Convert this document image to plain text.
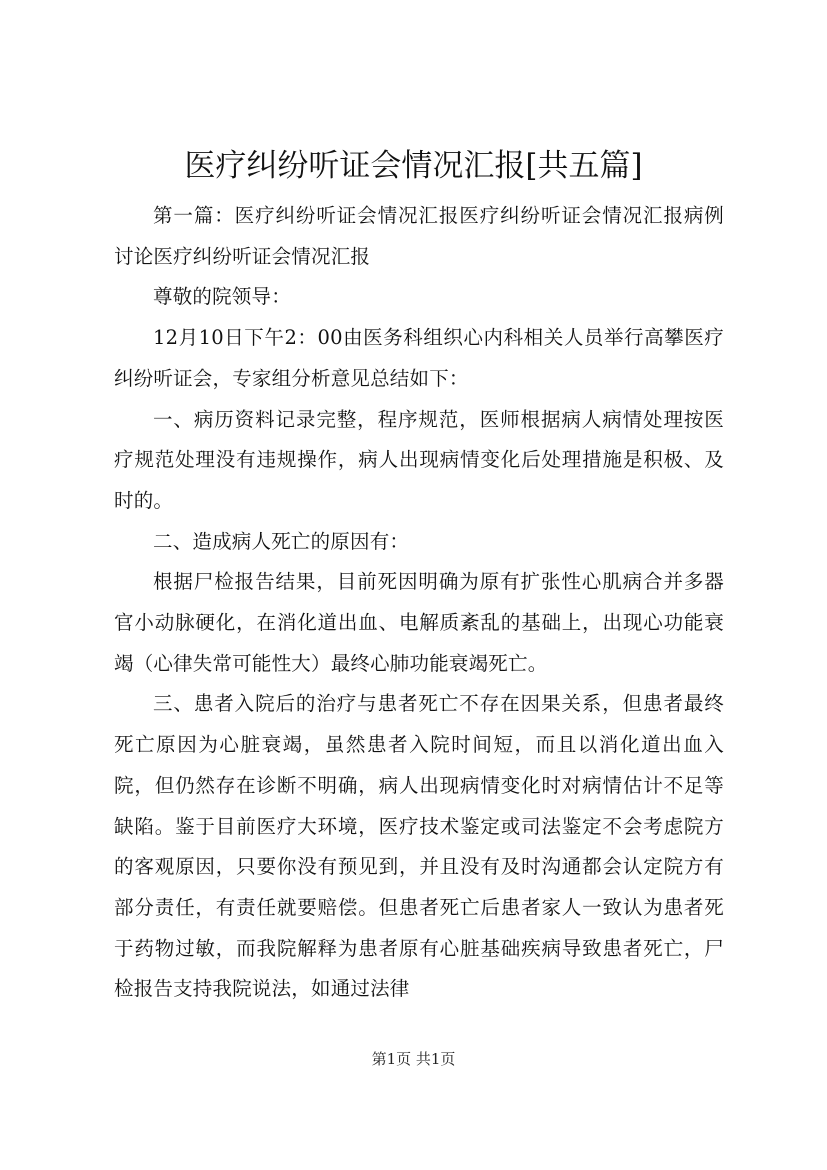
医疗纠纷听证会情况汇报[共五篇]

第一篇：医疗纠纷听证会情况汇报医疗纠纷听证会情况汇报病例讨论医疗纠纷听证会情况汇报

尊敬的院领导：

12月10日下午2：00由医务科组织心内科相关人员举行高攀医疗纠纷听证会，专家组分析意见总结如下：

一、病历资料记录完整，程序规范，医师根据病人病情处理按医疗规范处理没有违规操作，病人出现病情变化后处理措施是积极、及时的。

二、造成病人死亡的原因有：

根据尸检报告结果，目前死因明确为原有扩张性心肌病合并多器官小动脉硬化，在消化道出血、电解质紊乱的基础上，出现心功能衰竭（心律失常可能性大）最终心肺功能衰竭死亡。

三、患者入院后的治疗与患者死亡不存在因果关系，但患者最终死亡原因为心脏衰竭，虽然患者入院时间短，而且以消化道出血入院，但仍然存在诊断不明确，病人出现病情变化时对病情估计不足等缺陷。鉴于目前医疗大环境，医疗技术鉴定或司法鉴定不会考虑院方的客观原因，只要你没有预见到，并且没有及时沟通都会认定院方有部分责任，有责任就要赔偿。但患者死亡后患者家人一致认为患者死于药物过敏，而我院解释为患者原有心脏基础疾病导致患者死亡，尸检报告支持我院说法，如通过法律

第1页 共1页
